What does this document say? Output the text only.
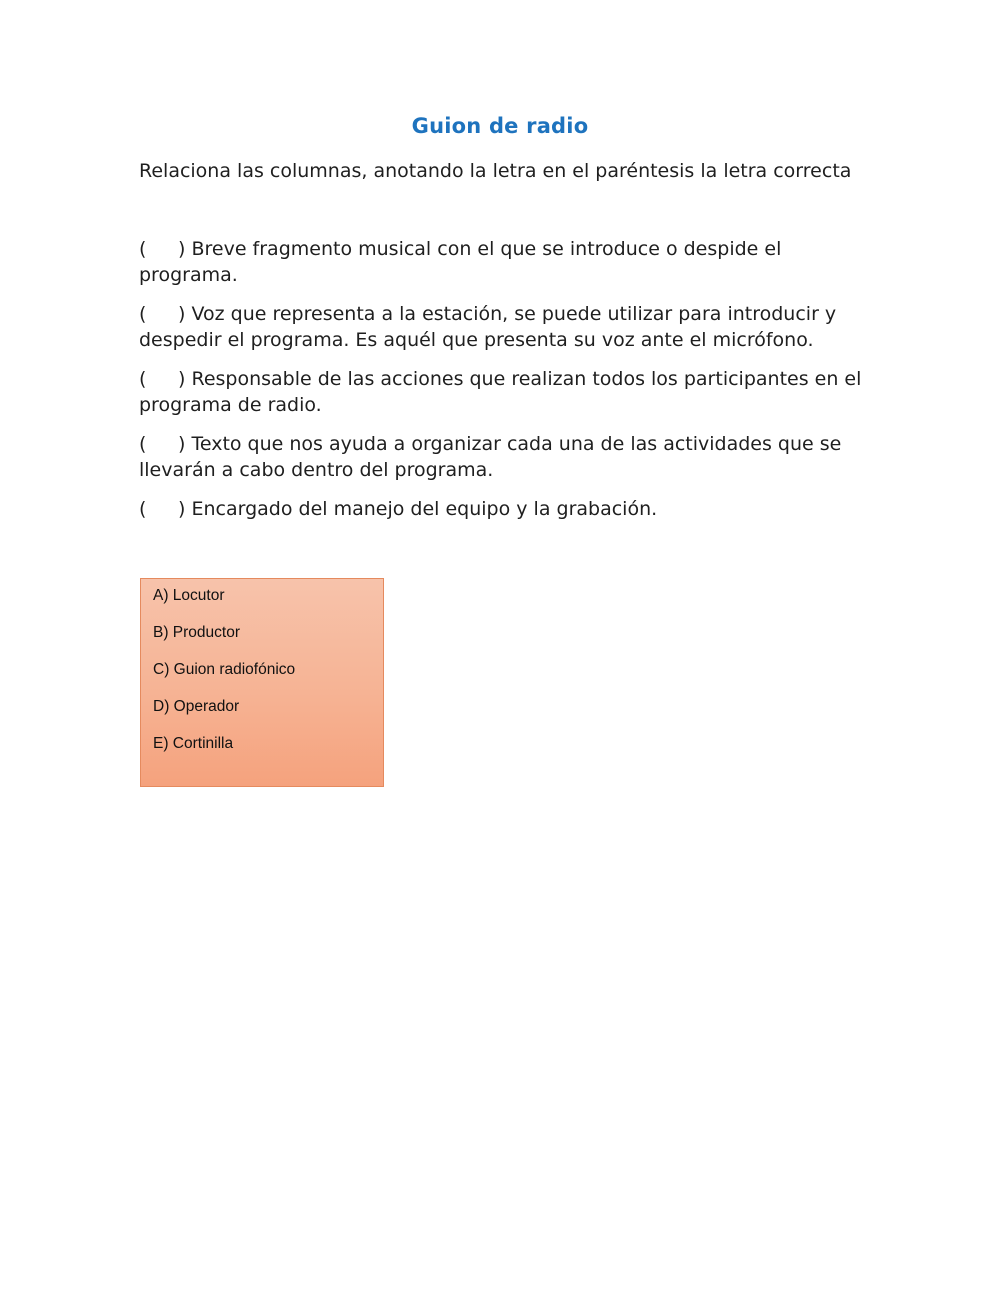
Guion de radio
Relaciona las columnas, anotando la letra en el paréntesis la letra correcta
( ) Breve fragmento musical con el que se introduce o despide el programa.
( ) Voz que representa a la estación, se puede utilizar para introducir y despedir el programa. Es aquél que presenta su voz ante el micrófono.
( ) Responsable de las acciones que realizan todos los participantes en el programa de radio.
( ) Texto que nos ayuda a organizar cada una de las actividades que se llevarán a cabo dentro del programa.
( ) Encargado del manejo del equipo y la grabación.
A) Locutor
B) Productor
C) Guion radiofónico
D) Operador
E) Cortinilla
